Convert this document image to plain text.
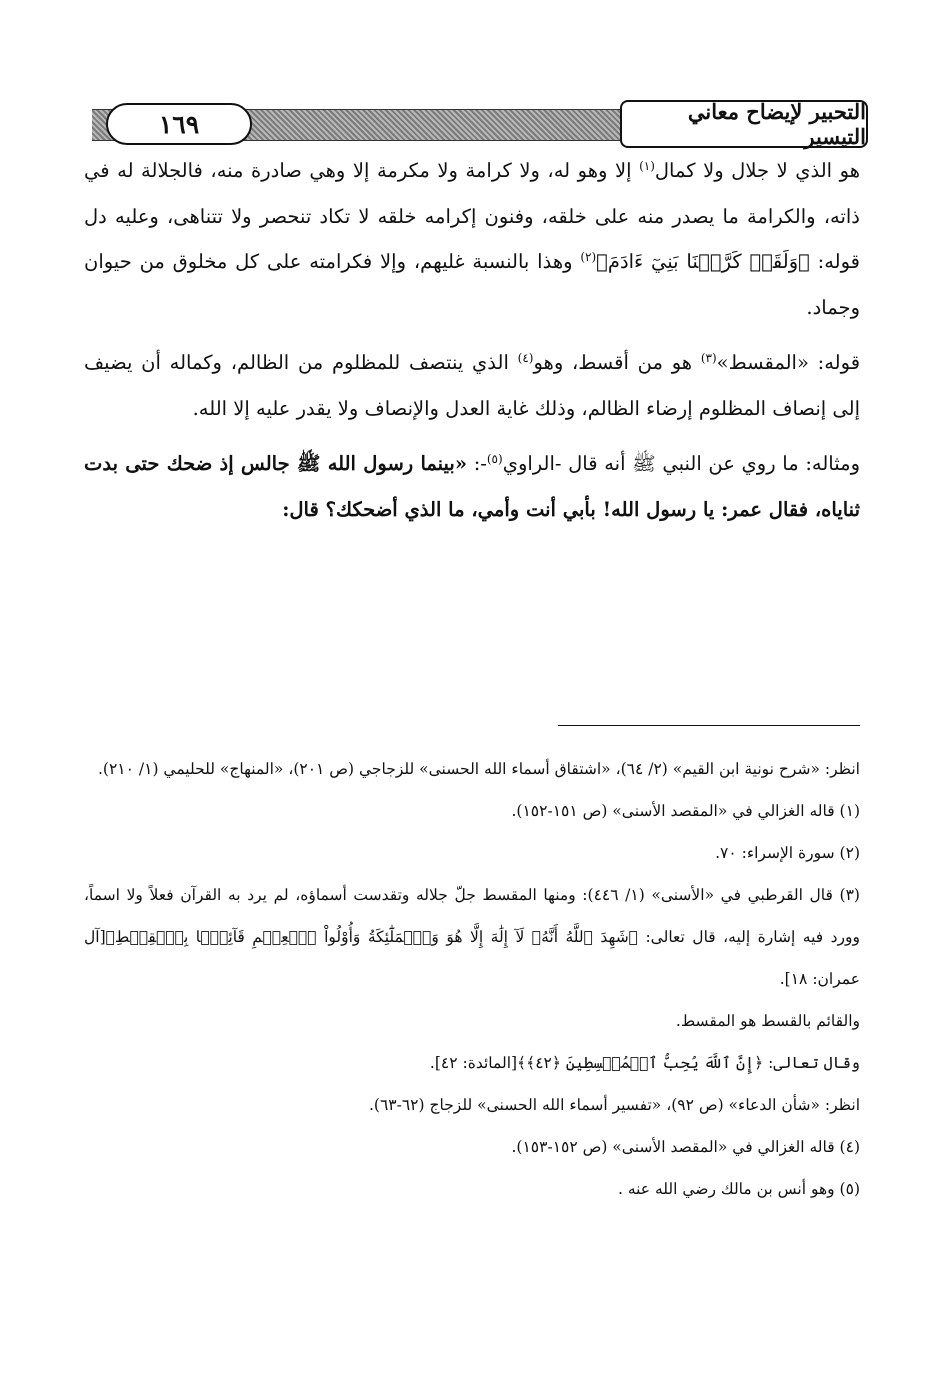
١٦٩	التحبير لإيضاح معاني التيسير

هو الذي لا جلال ولا كمال$^{(١)}$ إلا وهو له، ولا كرامة ولا مكرمة إلا وهي صادرة منه، فالجلالة له في ذاته، والكرامة ما يصدر منه على خلقه، وفنون إكرامه خلقه لا تكاد تنحصر ولا تتناهى، وعليه دل قوله: ﴿وَلَقَدۡ كَرَّمۡنَا بَنِيٓ ءَادَمَ﴾$^{(٢)}$ وهذا بالنسبة غليهم، وإلا فكرامته على كل مخلوق من حيوان وجماد.

قوله: «المقسط»$^{(٣)}$ هو من أقسط، وهو$^{(٤)}$ الذي ينتصف للمظلوم من الظالم، وكماله أن يضيف إلى إنصاف المظلوم إرضاء الظالم، وذلك غاية العدل والإنصاف ولا يقدر عليه إلا الله.

ومثاله: ما روي عن النبي ﷺ أنه قال -الراوي$^{(٥)}$-: «بينما رسول الله ﷺ جالس إذ ضحك حتى بدت ثناياه، فقال عمر: يا رسول الله! بأبي أنت وأمي، ما الذي أضحكك؟ قال:

انظر: «شرح نونية ابن القيم» (٢/ ٦٤)، «اشتقاق أسماء الله الحسنى» للزجاجي (ص ٢٠١)، «المنهاج» للحليمي (١/ ٢١٠).

(١) قاله الغزالي في «المقصد الأسنى» (ص ١٥١-١٥٢).

(٢) سورة الإسراء: ٧٠.

(٣) قال القرطبي في «الأسنى» (١/ ٤٤٦): ومنها المقسط جلّ جلاله وتقدست أسماؤه، لم يرد به القرآن فعلاً ولا اسماً، وورد فيه إشارة إليه، قال تعالى: ﴿شَهِدَ ٱللَّهُ أَنَّهُۥ لَآ إِلَٰهَ إِلَّا هُوَ وَٱلۡمَلَٰٓئِكَةُ وَأُوْلُواْ ٱلۡعِلۡمِ قَآئِمَۢا بِٱلۡقِسۡطِ﴾[آل عمران: ١٨].

والقائم بالقسط هو المقسط.

وقال تعالى: ﴿إِنَّ ٱللَّهَ يُحِبُّ ٱلۡمُقۡسِطِينَ ﴿٤٢﴾﴾[المائدة: ٤٢].

انظر: «شأن الدعاء» (ص ٩٢)، «تفسير أسماء الله الحسنى» للزجاج (٦٢-٦٣).

(٤) قاله الغزالي في «المقصد الأسنى» (ص ١٥٢-١٥٣).

(٥) وهو أنس بن مالك رضي الله عنه .
